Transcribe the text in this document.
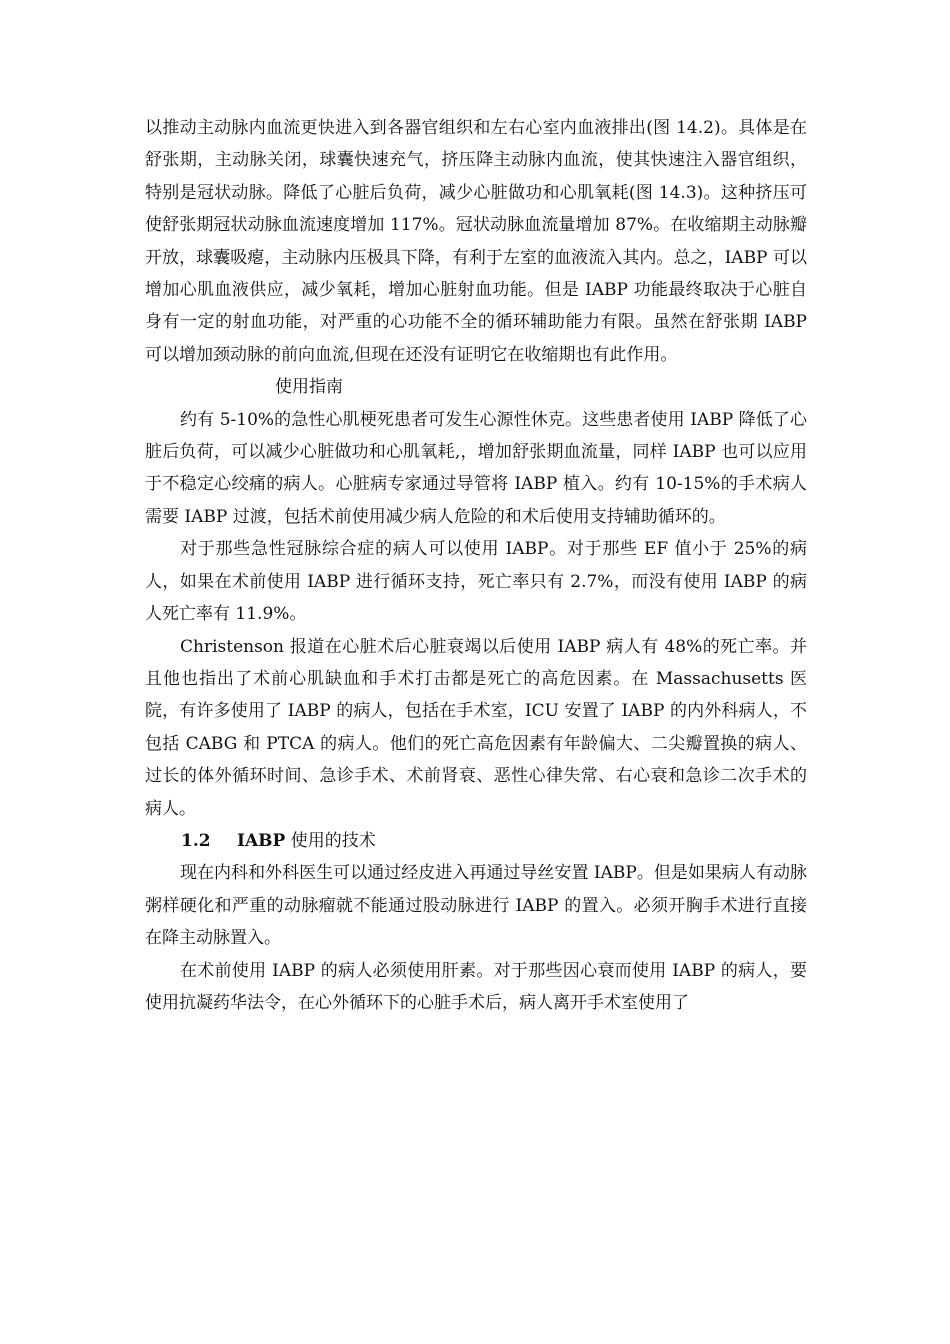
以推动主动脉内血流更快进入到各器官组织和左右心室内血液排出(图 14.2)。具体是在舒张期，主动脉关闭，球囊快速充气，挤压降主动脉内血流，使其快速注入器官组织，特别是冠状动脉。降低了心脏后负荷，减少心脏做功和心肌氧耗(图 14.3)。这种挤压可使舒张期冠状动脉血流速度增加 117%。冠状动脉血流量增加 87%。在收缩期主动脉瓣开放，球囊吸瘪，主动脉内压极具下降，有利于左室的血液流入其内。总之，IABP 可以增加心肌血液供应，减少氧耗，增加心脏射血功能。但是 IABP 功能最终取决于心脏自身有一定的射血功能，对严重的心功能不全的循环辅助能力有限。虽然在舒张期 IABP 可以增加颈动脉的前向血流,但现在还没有证明它在收缩期也有此作用。

使用指南

约有 5-10%的急性心肌梗死患者可发生心源性休克。这些患者使用 IABP 降低了心脏后负荷，可以减少心脏做功和心肌氧耗,，增加舒张期血流量，同样 IABP 也可以应用于不稳定心绞痛的病人。心脏病专家通过导管将 IABP 植入。约有 10-15%的手术病人需要 IABP 过渡，包括术前使用减少病人危险的和术后使用支持辅助循环的。

对于那些急性冠脉综合症的病人可以使用 IABP。对于那些 EF 值小于 25%的病人，如果在术前使用 IABP 进行循环支持，死亡率只有 2.7%，而没有使用 IABP 的病人死亡率有 11.9%。

Christenson 报道在心脏术后心脏衰竭以后使用 IABP 病人有 48%的死亡率。并且他也指出了术前心肌缺血和手术打击都是死亡的高危因素。在 Massachusetts 医院，有许多使用了 IABP 的病人，包括在手术室，ICU 安置了 IABP 的内外科病人，不包括 CABG 和 PTCA 的病人。他们的死亡高危因素有年龄偏大、二尖瓣置换的病人、过长的体外循环时间、急诊手术、术前肾衰、恶性心律失常、右心衰和急诊二次手术的病人。

1.2 IABP 使用的技术

现在内科和外科医生可以通过经皮进入再通过导丝安置 IABP。但是如果病人有动脉粥样硬化和严重的动脉瘤就不能通过股动脉进行 IABP 的置入。必须开胸手术进行直接在降主动脉置入。

在术前使用 IABP 的病人必须使用肝素。对于那些因心衰而使用 IABP 的病人，要使用抗凝药华法令，在心外循环下的心脏手术后，病人离开手术室使用了
